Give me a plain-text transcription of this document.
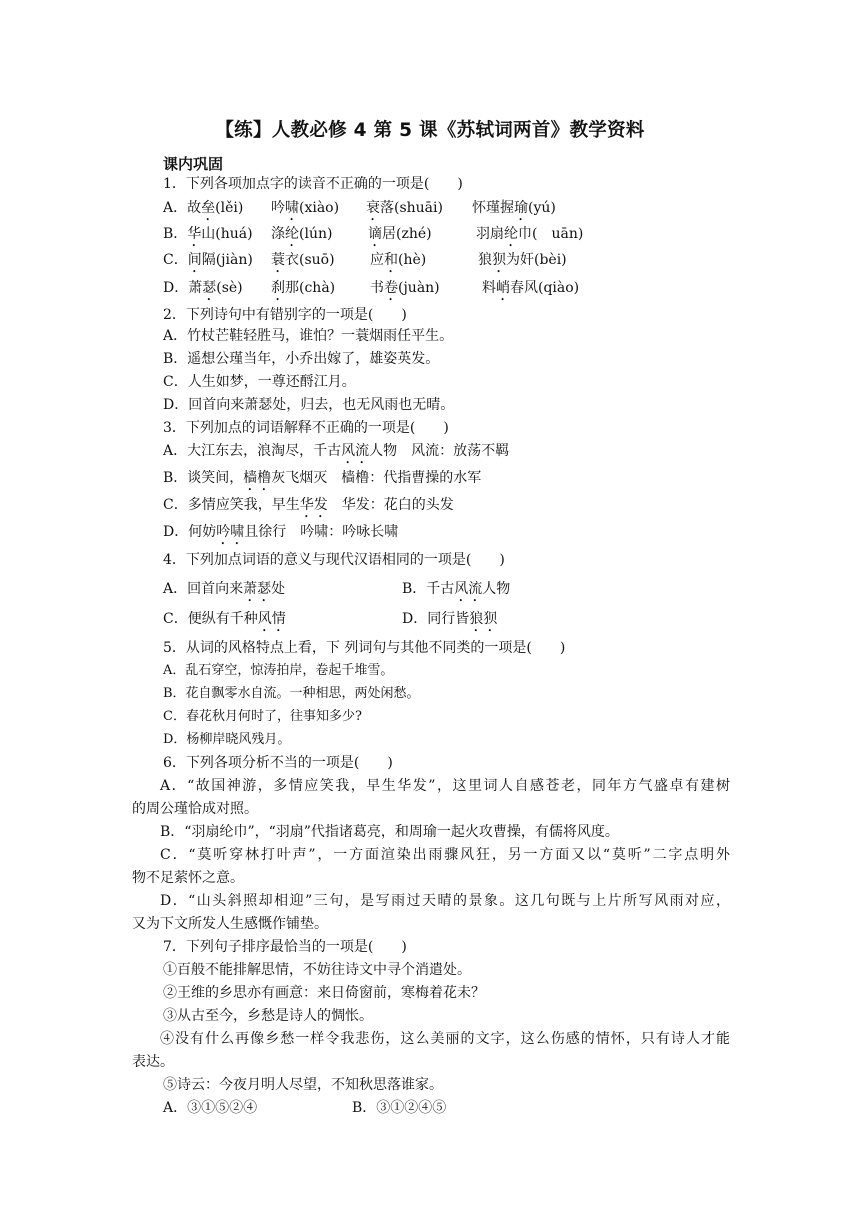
【练】人教必修 4 第 5 课《苏轼词两首》教学资料
课内巩固
1．下列各项加点字的读音不正确的一项是(　　)
A．故垒(lěi) 吟啸(xiào) 衰落(shuāi) 怀瑾握瑜(yú)
B．华山(huá) 涤纶(lún)	谪居(zhé)	羽扇纶巾(　uān)
C．间隔(jiàn) 蓑衣(suō)	应和(hè)	狼狈为奸(bèi)
D．萧瑟(sè) 刹那(chà) 书卷(juàn)	料峭春风(qiào)
2．下列诗句中有错别字的一项是(　　)
A．竹杖芒鞋轻胜马，谁怕？一蓑烟雨任平生。
B．遥想公瑾当年，小乔出嫁了，雄姿英发。
C．人生如梦，一尊还酹江月。
D．回首向来萧瑟处，归去，也无风雨也无晴。
3．下列加点的词语解释不正确的一项是(　　)
A．大江东去，浪淘尽，千古风流人物　风流：放荡不羁
B．谈笑间，樯橹灰飞烟灭　樯橹：代指曹操的水军
C．多情应笑我，早生华发　华发：花白的头发
D．何妨吟啸且徐行　吟啸：吟咏长啸
4．下列加点词语的意义与现代汉语相同的一项是(　　)
A．回首向来萧瑟处	B．千古风流人物
C．便纵有千种风情	D．同行皆狼狈
5．从词的风格特点上看，下 列词句与其他不同类的一项是(　　)
A．乱石穿空，惊涛拍岸，卷起千堆雪。
B．花自飘零水自流。一种相思，两处闲愁。
C．春花秋月何时了，往事知多少?
D．杨柳岸晓风残月。
6．下列各项分析不当的一项是(　　)
A．“故国神游，多情应笑我，早生华发”，这里词人自感苍老，同年方气盛卓有建树
的周公瑾恰成对照。
B．“羽扇纶巾”，“羽扇”代指诸葛亮，和周瑜一起火攻曹操，有儒将风度。
C．“莫听穿林打叶声”，一方面渲染出雨骤风狂，另一方面又以“莫听”二字点明外
物不足萦怀之意。
D．“山头斜照却相迎”三句，是写雨过天晴的景象。这几句既与上片所写风雨对应，
又为下文所发人生感慨作铺垫。
7．下列句子排序最恰当的一项是(　　)
①百般不能排解思情，不妨往诗文中寻个消遣处。
②王维的乡思亦有画意：来日倚窗前，寒梅着花未？
③从古至今，乡愁是诗人的惆怅。
④没有什么再像乡愁一样令我悲伤，这么美丽的文字，这么伤感的情怀，只有诗人才能
表达。
⑤诗云：今夜月明人尽望，不知秋思落谁家。
A．③①⑤②④	B．③①②④⑤
